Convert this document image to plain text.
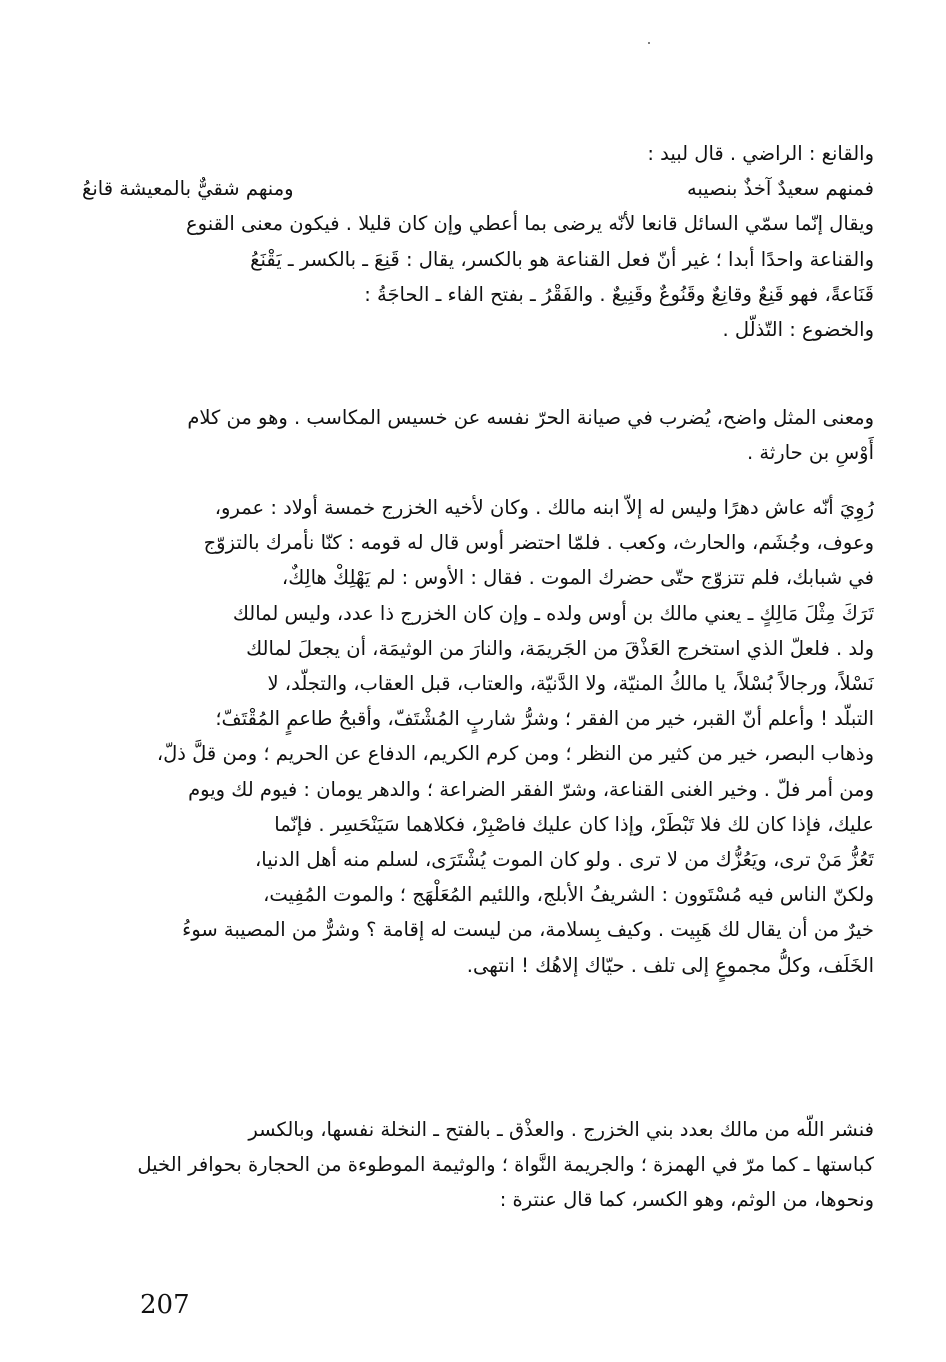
والقانع : الراضي . قال لبيد :
فمنهم سعيدٌ آخذٌ بنصيبه
ومنهم شقيٌّ بالمعيشة قانعُ
ويقال إنّما سمّي السائل قانعا لأنّه يرضى بما أعطي وإن كان قليلا . فيكون معنى القنوع
والقناعة واحدًا أبدا ؛ غير أنّ فعل القناعة هو بالكسر، يقال : قَنِعَ ـ بالكسر ـ يَقْنَعُ
قَنَاعةً، فهو قَنِعٌ وقانِعٌ وقَنُوعٌ وقَنِيعٌ . والفَقْرُ ـ بفتح الفاء ـ الحاجَةُ :
والخضوع : التّذلّل .
ومعنى المثل واضح، يُضرب في صيانة الحرّ نفسه عن خسيس المكاسب . وهو من كلام
أَوْسِ بن حارثة .
رُوِيَ أنّه عاش دهرًا وليس له إلاّ ابنه مالك . وكان لأخيه الخزرج خمسة أولاد : عمرو،
وعوف، وجُشَم، والحارث، وكعب . فلمّا احتضر أوس قال له قومه : كنّا نأمرك بالتزوّج
في شبابك، فلم تتزوّج حتّى حضرك الموت . فقال : الأوس : لم يَهْلِكْ هالِكٌ،
تَرَكَ مِثْلَ مَالِكٍ ـ يعني مالك بن أوس ولده ـ وإن كان الخزرج ذا عدد، وليس لمالك
ولد . فلعلّ الذي استخرج العَذْقَ من الجَريمَة، والنارَ من الوثيمَة، أن يجعلَ لمالك
نَسْلاً، ورجالاً بُسْلاً، يا مالكُ المنيّة، ولا الدَّنيّة، والعتاب، قبل العقاب، والتجلّد، لا
التبلّد ! وأعلم أنّ القبر، خير من الفقر ؛ وشرُّ شاربٍ المُشْتَفّ، وأقبحُ طاعمٍ المُقْتَفّ؛
وذهاب البصر، خير من كثير من النظر ؛ ومن كرم الكريم، الدفاع عن الحريم ؛ ومن قلَّ ذلّ،
ومن أمر فلّ . وخير الغنى القناعة، وشرّ الفقر الضراعة ؛ والدهر يومان : فيوم لك ويوم
عليك، فإذا كان لك فلا تَبْطَرْ، وإذا كان عليك فاصْبِرْ، فكلاهما سَيَنْحَسِر . فإنّما
تَعُزُّ مَنْ ترى، ويَعُزُّك من لا ترى . ولو كان الموت يُشْتَرَى، لسلم منه أهل الدنيا،
ولكنّ الناس فيه مُسْتَوون : الشريفُ الأبلج، واللئيم المُعَلْهَج ؛ والموت المُفِيت،
خيرٌ من أن يقال لك هَبِيت . وكيف بِسلامة، من ليست له إقامة ؟ وشرٌّ من المصيبة سوءُ
الخَلَف، وكلُّ مجموعٍ إلى تلف . حيّاك إلاهُك ! انتهى.
فنشر اللّه من مالك بعدد بني الخزرج . والعذْق ـ بالفتح ـ النخلة نفسها، وبالكسر
كباستها ـ كما مرّ في الهمزة ؛ والجريمة النَّواة ؛ والوثيمة الموطوءة من الحجارة بحوافر الخيل
ونحوها، من الوثم، وهو الكسر، كما قال عنترة :
207
